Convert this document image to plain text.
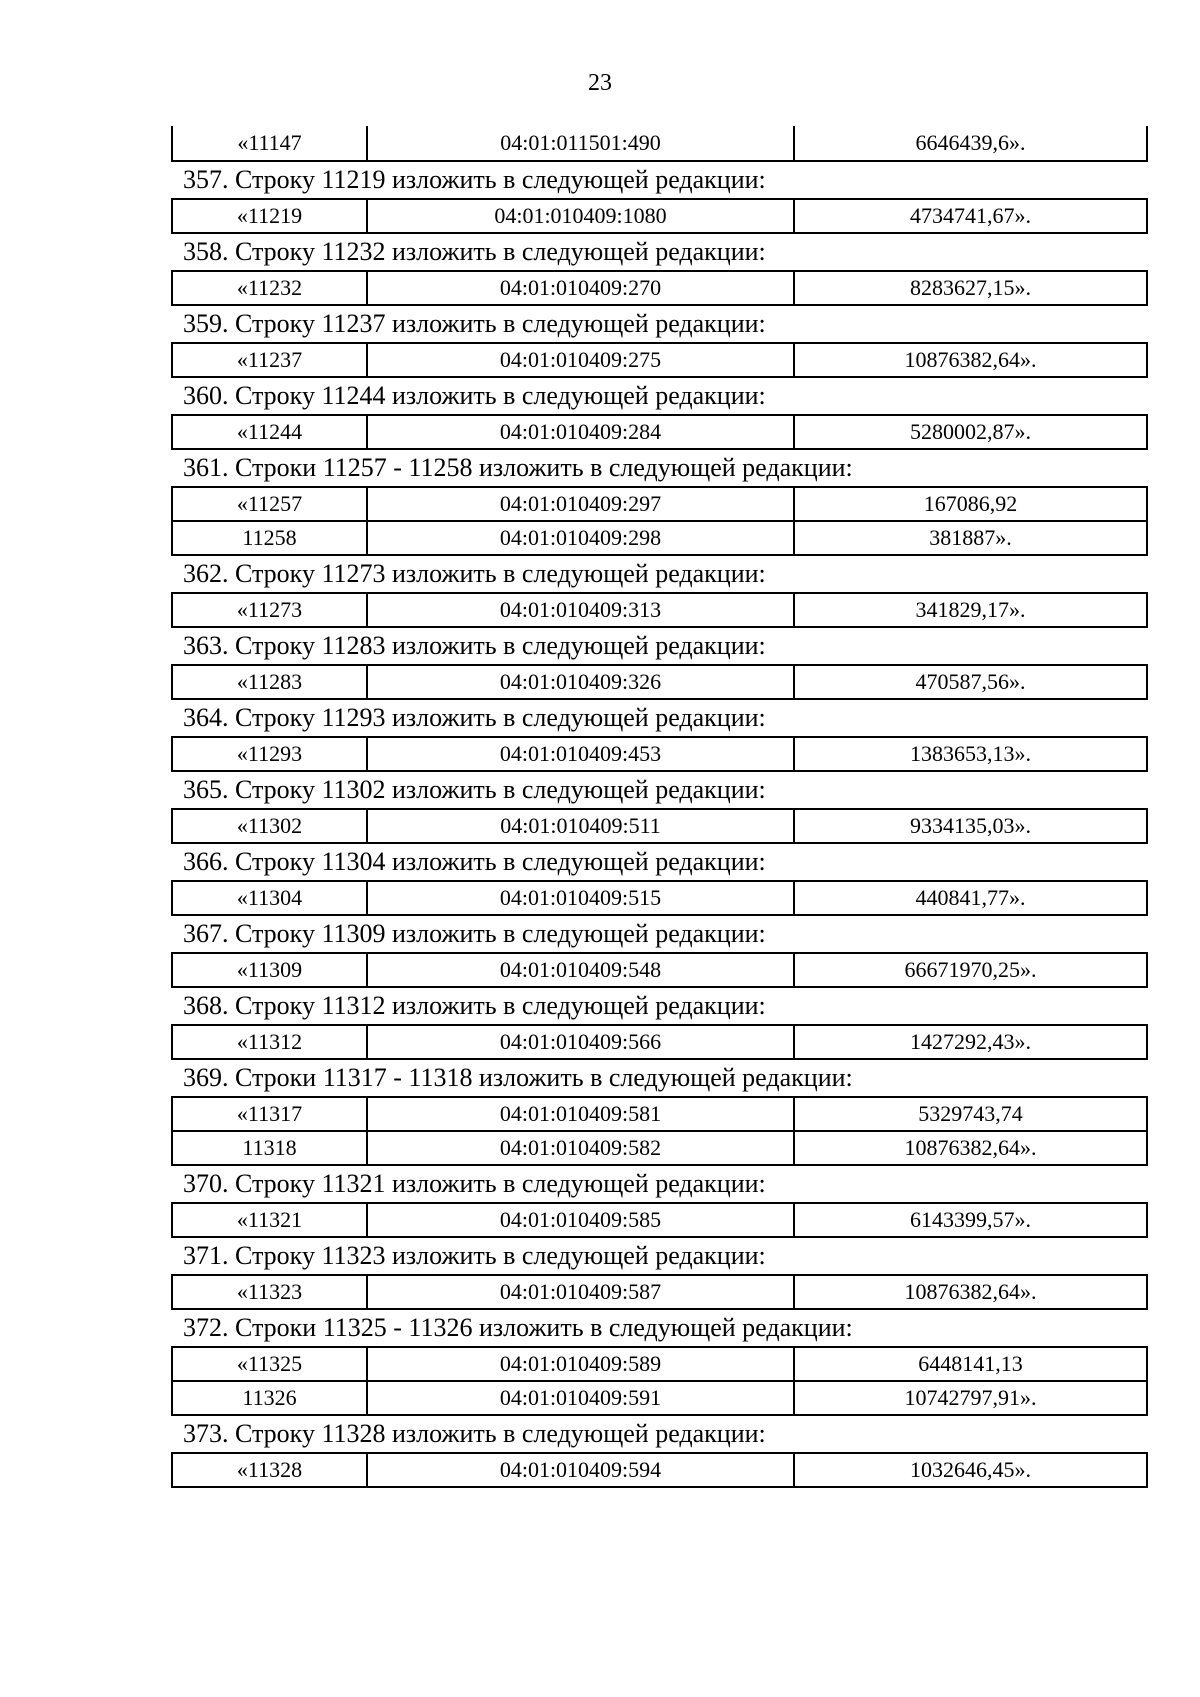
23
«11147	04:01:011501:490	6646439,6».
357. Строку 11219 изложить в следующей редакции:
«11219	04:01:010409:1080	4734741,67».
358. Строку 11232 изложить в следующей редакции:
«11232	04:01:010409:270	8283627,15».
359. Строку 11237 изложить в следующей редакции:
«11237	04:01:010409:275	10876382,64».
360. Строку 11244 изложить в следующей редакции:
«11244	04:01:010409:284	5280002,87».
361. Строки 11257 - 11258 изложить в следующей редакции:
«11257	04:01:010409:297	167086,92
11258	04:01:010409:298	381887».
362. Строку 11273 изложить в следующей редакции:
«11273	04:01:010409:313	341829,17».
363. Строку 11283 изложить в следующей редакции:
«11283	04:01:010409:326	470587,56».
364. Строку 11293 изложить в следующей редакции:
«11293	04:01:010409:453	1383653,13».
365. Строку 11302 изложить в следующей редакции:
«11302	04:01:010409:511	9334135,03».
366. Строку 11304 изложить в следующей редакции:
«11304	04:01:010409:515	440841,77».
367. Строку 11309 изложить в следующей редакции:
«11309	04:01:010409:548	66671970,25».
368. Строку 11312 изложить в следующей редакции:
«11312	04:01:010409:566	1427292,43».
369. Строки 11317 - 11318 изложить в следующей редакции:
«11317	04:01:010409:581	5329743,74
11318	04:01:010409:582	10876382,64».
370. Строку 11321 изложить в следующей редакции:
«11321	04:01:010409:585	6143399,57».
371. Строку 11323 изложить в следующей редакции:
«11323	04:01:010409:587	10876382,64».
372. Строки 11325 - 11326 изложить в следующей редакции:
«11325	04:01:010409:589	6448141,13
11326	04:01:010409:591	10742797,91».
373. Строку 11328 изложить в следующей редакции:
«11328	04:01:010409:594	1032646,45».
